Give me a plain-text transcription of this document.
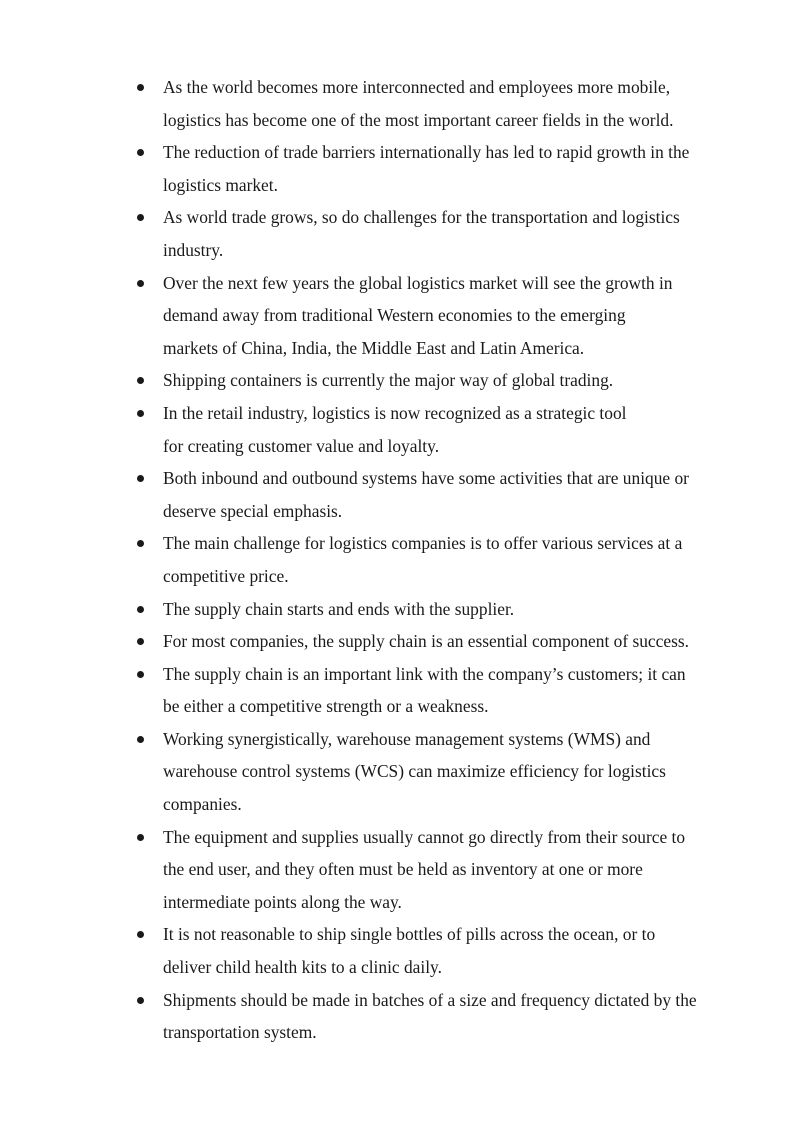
As the world becomes more interconnected and employees more mobile,
logistics has become one of the most important career fields in the world.
The reduction of trade barriers internationally has led to rapid growth in the
logistics market.
As world trade grows, so do challenges for the transportation and logistics
industry.
Over the next few years the global logistics market will see the growth in
demand away from traditional Western economies to the emerging
markets of China, India, the Middle East and Latin America.
Shipping containers is currently the major way of global trading.
In the retail industry, logistics is now recognized as a strategic tool
for creating customer value and loyalty.
Both inbound and outbound systems have some activities that are unique or
deserve special emphasis.
The main challenge for logistics companies is to offer various services at a
competitive price.
The supply chain starts and ends with the supplier.
For most companies, the supply chain is an essential component of success.
The supply chain is an important link with the company’s customers; it can
be either a competitive strength or a weakness.
Working synergistically, warehouse management systems (WMS) and
warehouse control systems (WCS) can maximize efficiency for logistics
companies.
The equipment and supplies usually cannot go directly from their source to
the end user, and they often must be held as inventory at one or more
intermediate points along the way.
It is not reasonable to ship single bottles of pills across the ocean, or to
deliver child health kits to a clinic daily.
Shipments should be made in batches of a size and frequency dictated by the
transportation system.
